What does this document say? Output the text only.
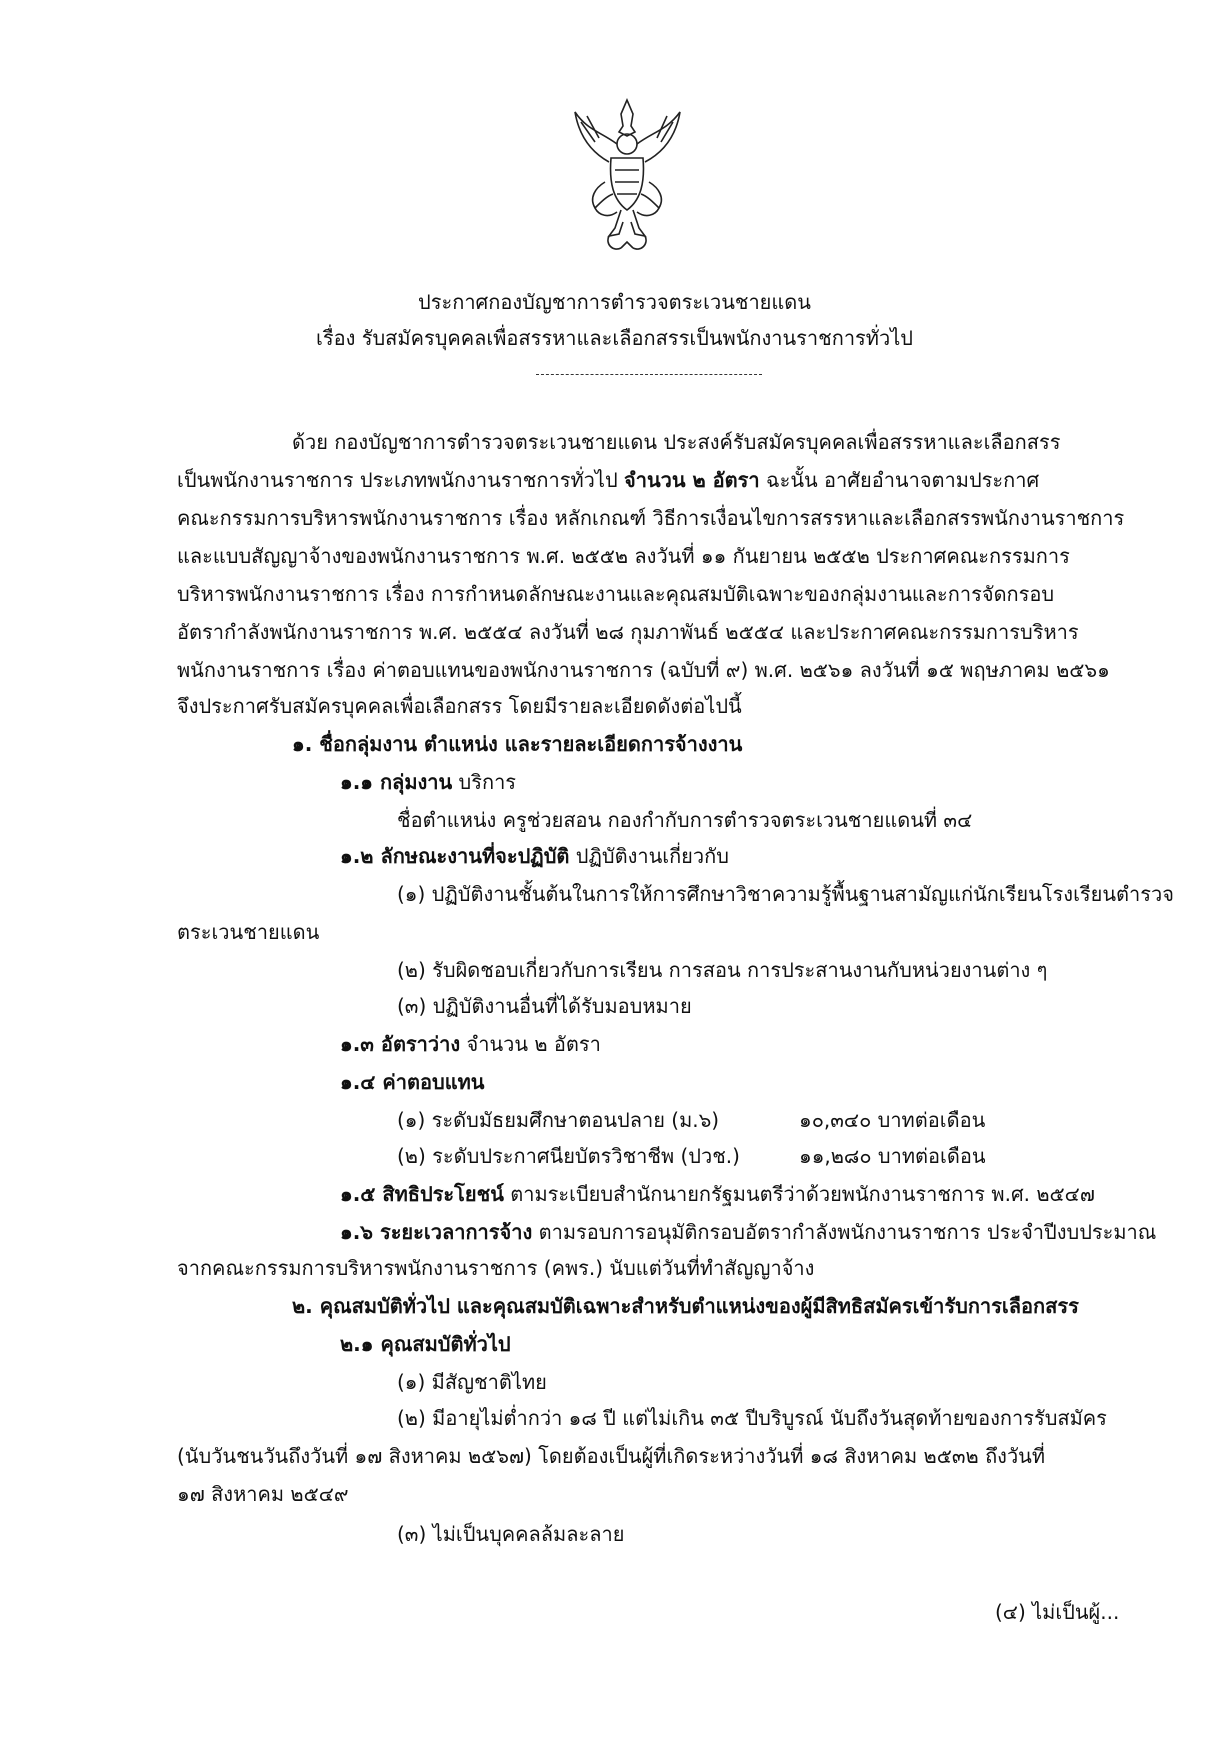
ประกาศกองบัญชาการตำรวจตระเวนชายแดน
เรื่อง รับสมัครบุคคลเพื่อสรรหาและเลือกสรรเป็นพนักงานราชการทั่วไป
ด้วย กองบัญชาการตำรวจตระเวนชายแดน ประสงค์รับสมัครบุคคลเพื่อสรรหาและเลือกสรร
เป็นพนักงานราชการ ประเภทพนักงานราชการทั่วไป จำนวน ๒ อัตรา ฉะนั้น อาศัยอำนาจตามประกาศ
คณะกรรมการบริหารพนักงานราชการ เรื่อง หลักเกณฑ์ วิธีการเงื่อนไขการสรรหาและเลือกสรรพนักงานราชการ
และแบบสัญญาจ้างของพนักงานราชการ พ.ศ. ๒๕๕๒ ลงวันที่ ๑๑ กันยายน ๒๕๕๒ ประกาศคณะกรรมการ
บริหารพนักงานราชการ เรื่อง การกำหนดลักษณะงานและคุณสมบัติเฉพาะของกลุ่มงานและการจัดกรอบ
อัตรากำลังพนักงานราชการ พ.ศ. ๒๕๕๔ ลงวันที่ ๒๘ กุมภาพันธ์ ๒๕๕๔ และประกาศคณะกรรมการบริหาร
พนักงานราชการ เรื่อง ค่าตอบแทนของพนักงานราชการ (ฉบับที่ ๙) พ.ศ. ๒๕๖๑ ลงวันที่ ๑๕ พฤษภาคม ๒๕๖๑
จึงประกาศรับสมัครบุคคลเพื่อเลือกสรร โดยมีรายละเอียดดังต่อไปนี้
๑. ชื่อกลุ่มงาน ตำแหน่ง และรายละเอียดการจ้างงาน
๑.๑ กลุ่มงาน บริการ
ชื่อตำแหน่ง ครูช่วยสอน กองกำกับการตำรวจตระเวนชายแดนที่ ๓๔
๑.๒ ลักษณะงานที่จะปฏิบัติ ปฏิบัติงานเกี่ยวกับ
(๑) ปฏิบัติงานชั้นต้นในการให้การศึกษาวิชาความรู้พื้นฐานสามัญแก่นักเรียนโรงเรียนตำรวจ
ตระเวนชายแดน
(๒) รับผิดชอบเกี่ยวกับการเรียน การสอน การประสานงานกับหน่วยงานต่าง ๆ
(๓) ปฏิบัติงานอื่นที่ได้รับมอบหมาย
๑.๓ อัตราว่าง จำนวน ๒ อัตรา
๑.๔ ค่าตอบแทน
(๑) ระดับมัธยมศึกษาตอนปลาย (ม.๖)	๑๐,๓๔๐ บาทต่อเดือน
(๒) ระดับประกาศนียบัตรวิชาชีพ (ปวช.)	๑๑,๒๘๐ บาทต่อเดือน
๑.๕ สิทธิประโยชน์ ตามระเบียบสำนักนายกรัฐมนตรีว่าด้วยพนักงานราชการ พ.ศ. ๒๕๔๗
๑.๖ ระยะเวลาการจ้าง ตามรอบการอนุมัติกรอบอัตรากำลังพนักงานราชการ ประจำปีงบประมาณ
จากคณะกรรมการบริหารพนักงานราชการ (คพร.) นับแต่วันที่ทำสัญญาจ้าง
๒. คุณสมบัติทั่วไป และคุณสมบัติเฉพาะสำหรับตำแหน่งของผู้มีสิทธิสมัครเข้ารับการเลือกสรร
๒.๑ คุณสมบัติทั่วไป
(๑) มีสัญชาติไทย
(๒) มีอายุไม่ต่ำกว่า ๑๘ ปี แต่ไม่เกิน ๓๕ ปีบริบูรณ์ นับถึงวันสุดท้ายของการรับสมัคร
(นับวันชนวันถึงวันที่ ๑๗ สิงหาคม ๒๕๖๗) โดยต้องเป็นผู้ที่เกิดระหว่างวันที่ ๑๘ สิงหาคม ๒๕๓๒ ถึงวันที่
๑๗ สิงหาคม ๒๕๔๙
(๓) ไม่เป็นบุคคลล้มละลาย
(๔) ไม่เป็นผู้...
